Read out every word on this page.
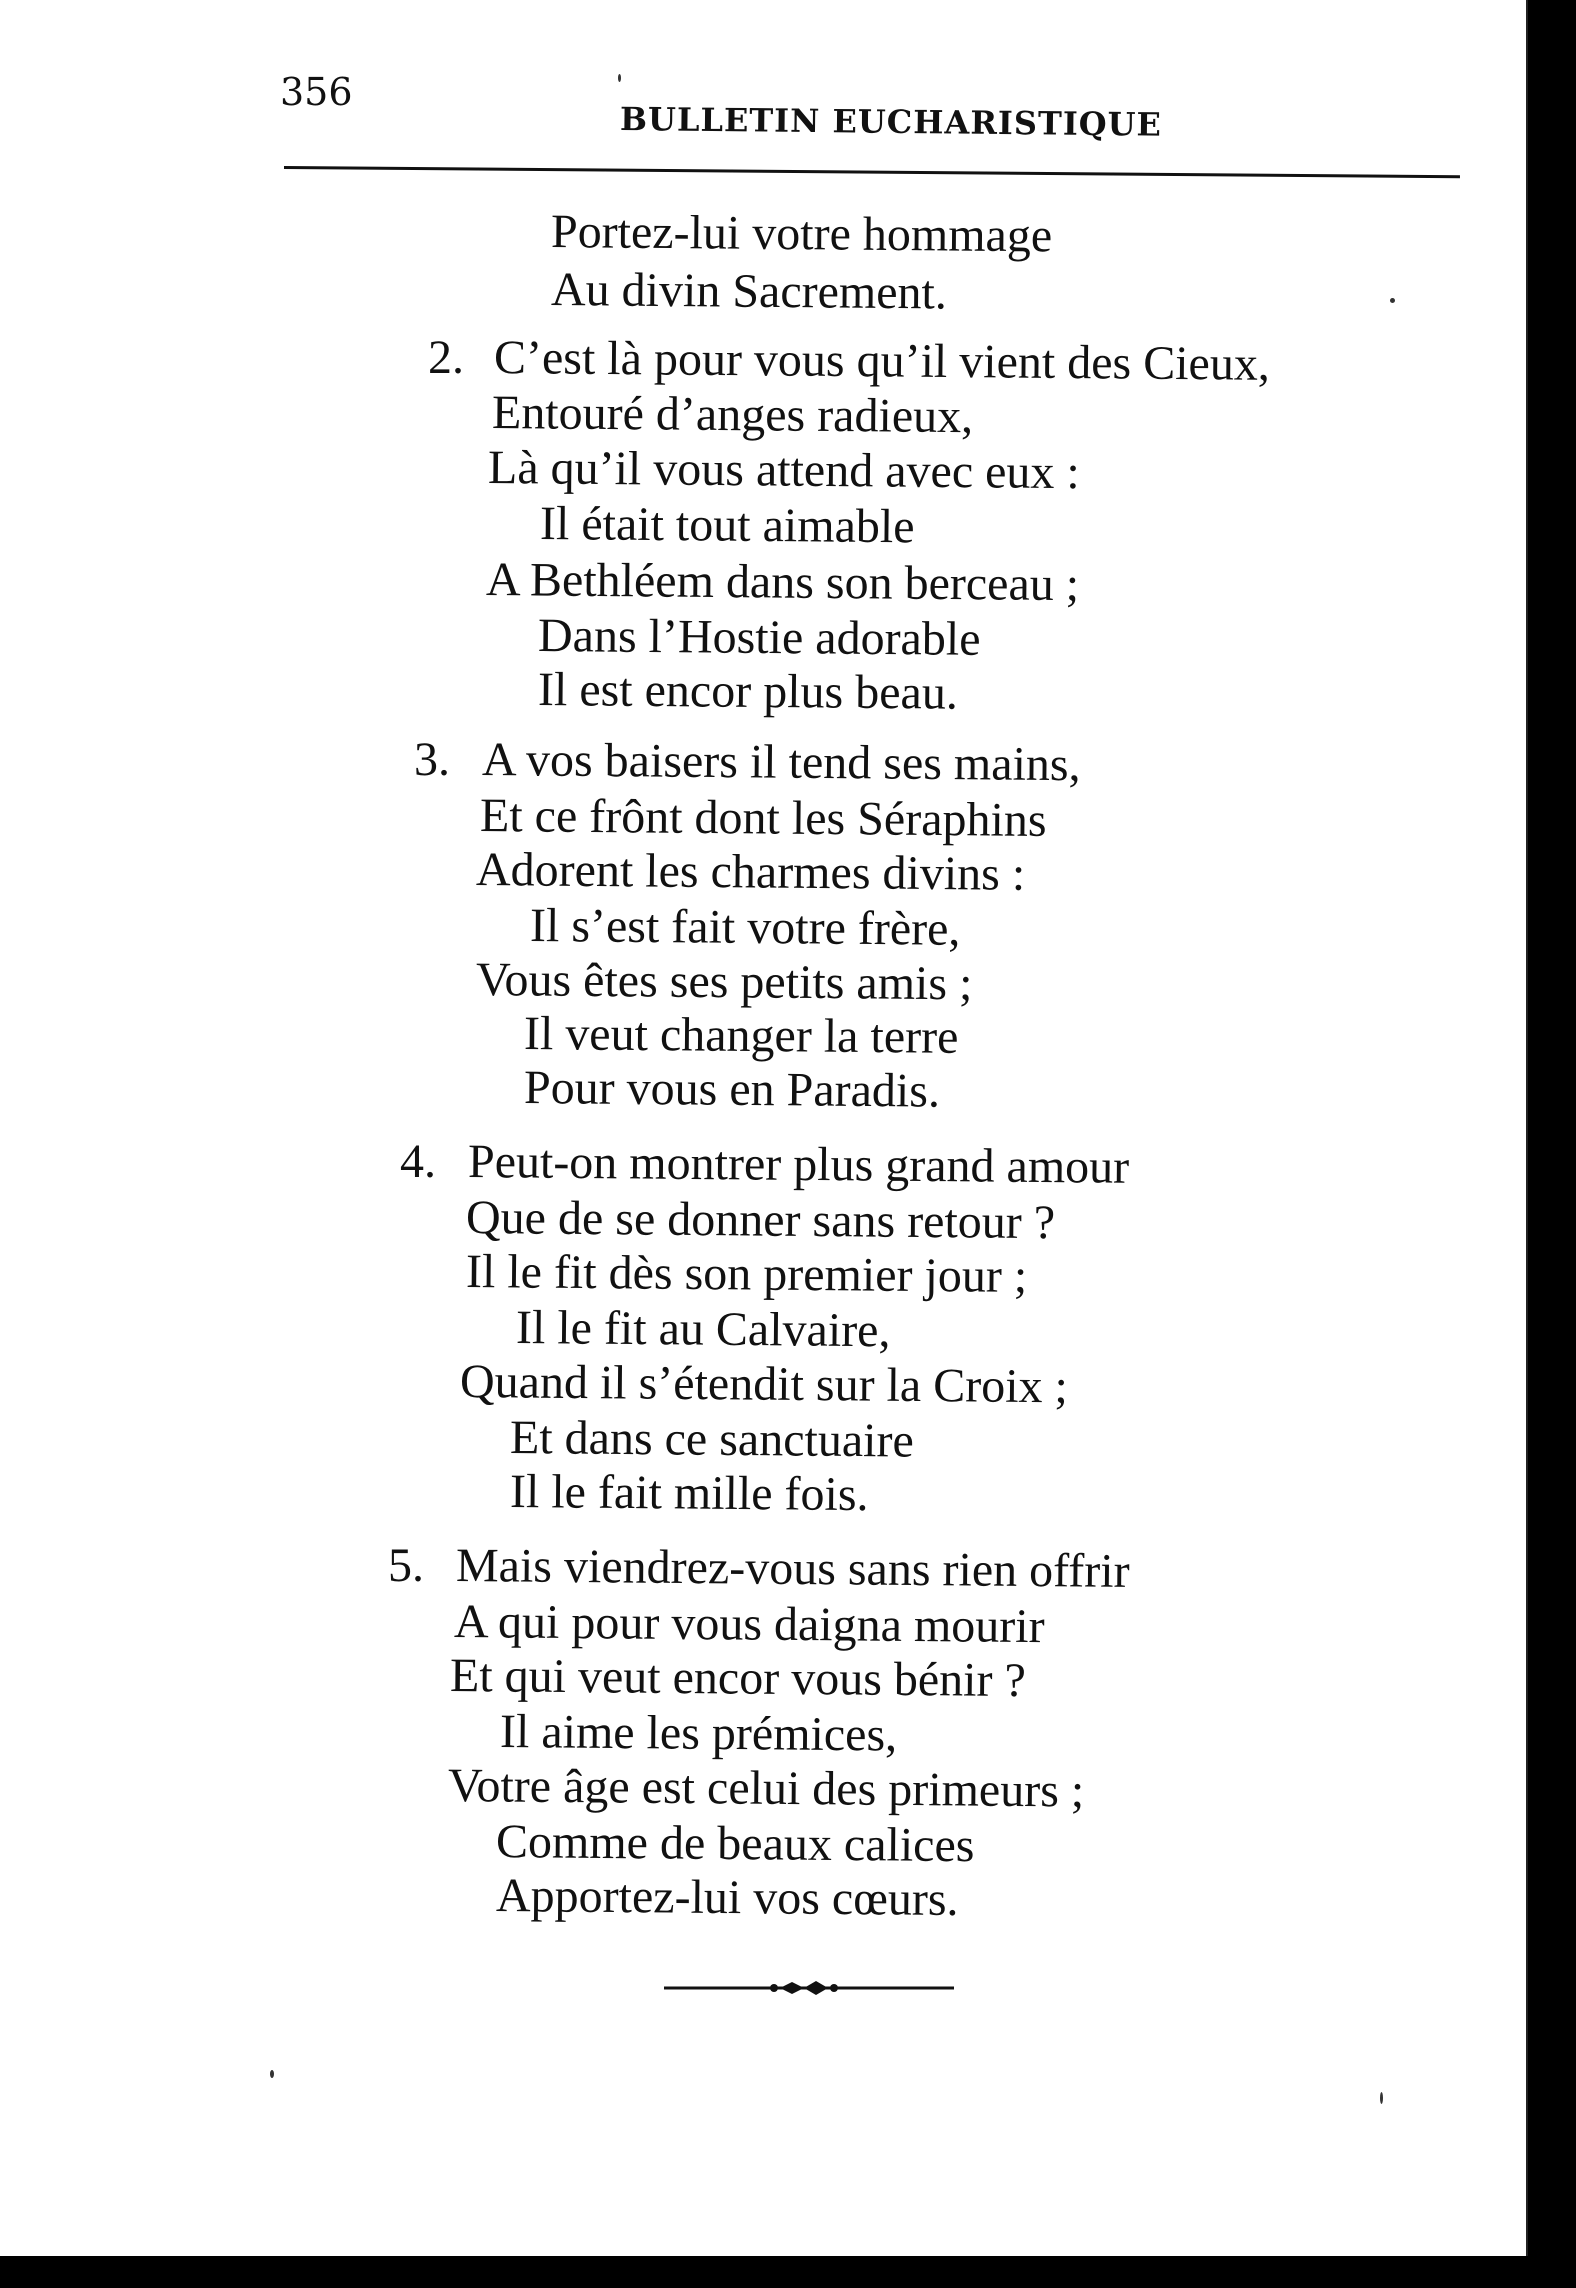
356
BULLETIN EUCHARISTIQUE
Portez-lui votre hommage
Au divin Sacrement.
2. C’est là pour vous qu’il vient des Cieux,
Entouré d’anges radieux,
Là qu’il vous attend avec eux :
Il était tout aimable
A Bethléem dans son berceau ;
Dans l’Hostie adorable
Il est encor plus beau.
3. A vos baisers il tend ses mains,
Et ce frônt dont les Séraphins
Adorent les charmes divins :
Il s’est fait votre frère,
Vous êtes ses petits amis ;
Il veut changer la terre
Pour vous en Paradis.
4. Peut-on montrer plus grand amour
Que de se donner sans retour ?
Il le fit dès son premier jour ;
Il le fit au Calvaire,
Quand il s’étendit sur la Croix ;
Et dans ce sanctuaire
Il le fait mille fois.
5. Mais viendrez-vous sans rien offrir
A qui pour vous daigna mourir
Et qui veut encor vous bénir ?
Il aime les prémices,
Votre âge est celui des primeurs ;
Comme de beaux calices
Apportez-lui vos cœurs.
